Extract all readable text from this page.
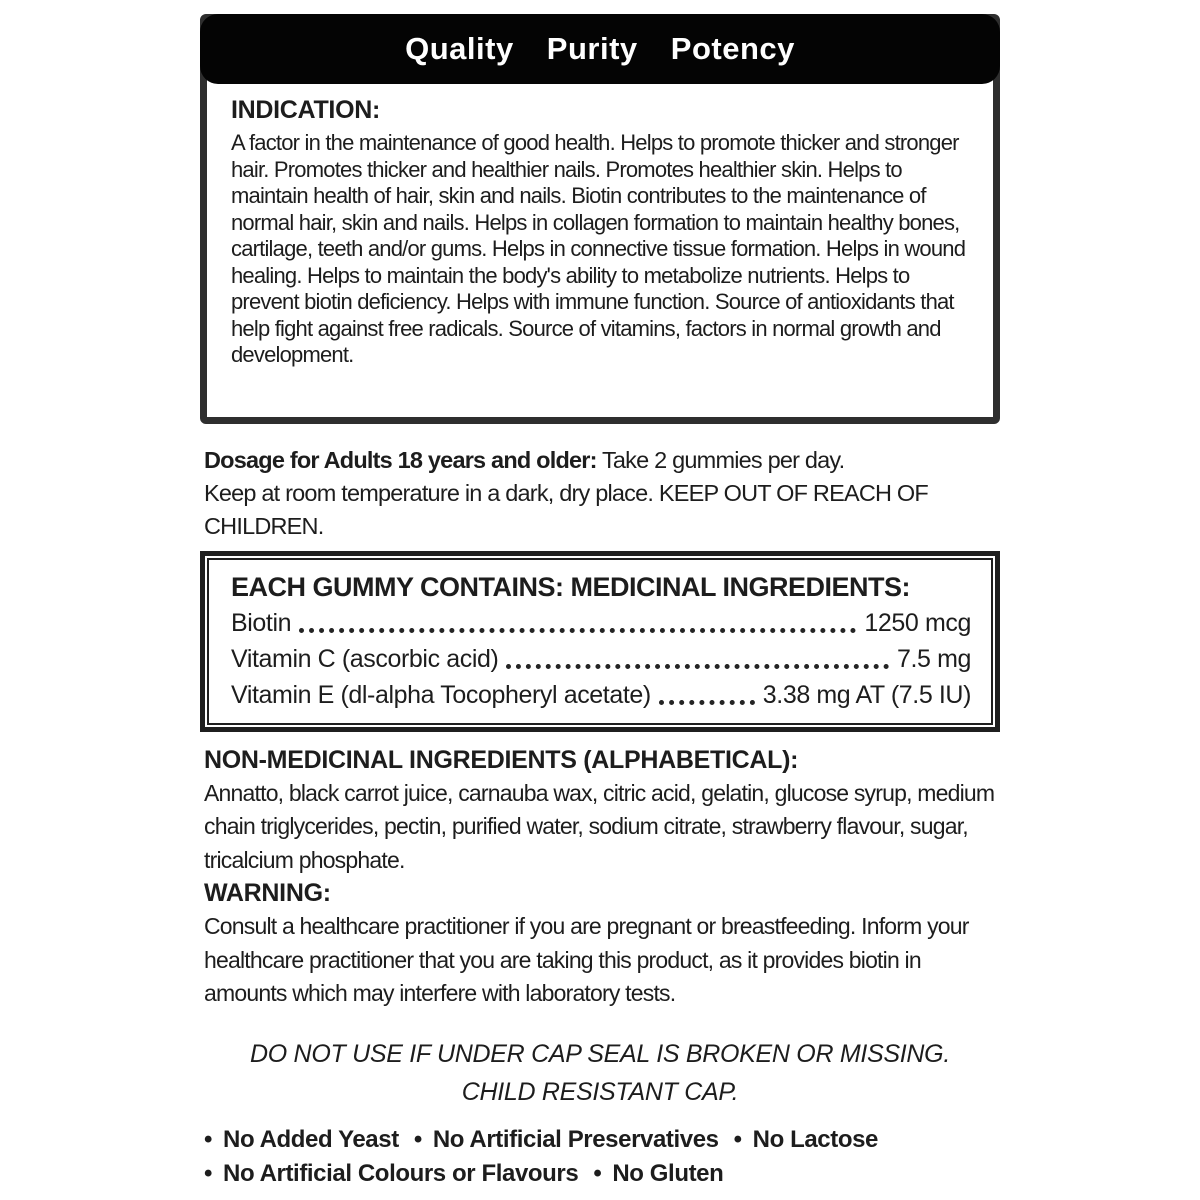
Quality Purity Potency

INDICATION:

A factor in the maintenance of good health. Helps to promote thicker and stronger hair. Promotes thicker and healthier nails. Promotes healthier skin. Helps to maintain health of hair, skin and nails. Biotin contributes to the maintenance of normal hair, skin and nails. Helps in collagen formation to maintain healthy bones, cartilage, teeth and/or gums. Helps in connective tissue formation. Helps in wound healing. Helps to maintain the body's ability to metabolize nutrients. Helps to prevent biotin deficiency. Helps with immune function. Source of antioxidants that help fight against free radicals. Source of vitamins, factors in normal growth and development.

Dosage for Adults 18 years and older: Take 2 gummies per day.

Keep at room temperature in a dark, dry place. KEEP OUT OF REACH OF CHILDREN.

EACH GUMMY CONTAINS: MEDICINAL INGREDIENTS:

Biotin	1250 mcg
Vitamin C (ascorbic acid)	7.5 mg
Vitamin E (dl-alpha Tocopheryl acetate)	3.38 mg AT (7.5 IU)

NON-MEDICINAL INGREDIENTS (ALPHABETICAL):

Annatto, black carrot juice, carnauba wax, citric acid, gelatin, glucose syrup, medium chain triglycerides, pectin, purified water, sodium citrate, strawberry flavour, sugar, tricalcium phosphate.

WARNING:

Consult a healthcare practitioner if you are pregnant or breastfeeding. Inform your healthcare practitioner that you are taking this product, as it provides biotin in amounts which may interfere with laboratory tests.

DO NOT USE IF UNDER CAP SEAL IS BROKEN OR MISSING.

CHILD RESISTANT CAP.

• No Added Yeast • No Artificial Preservatives • No Lactose

• No Artificial Colours or Flavours • No Gluten
